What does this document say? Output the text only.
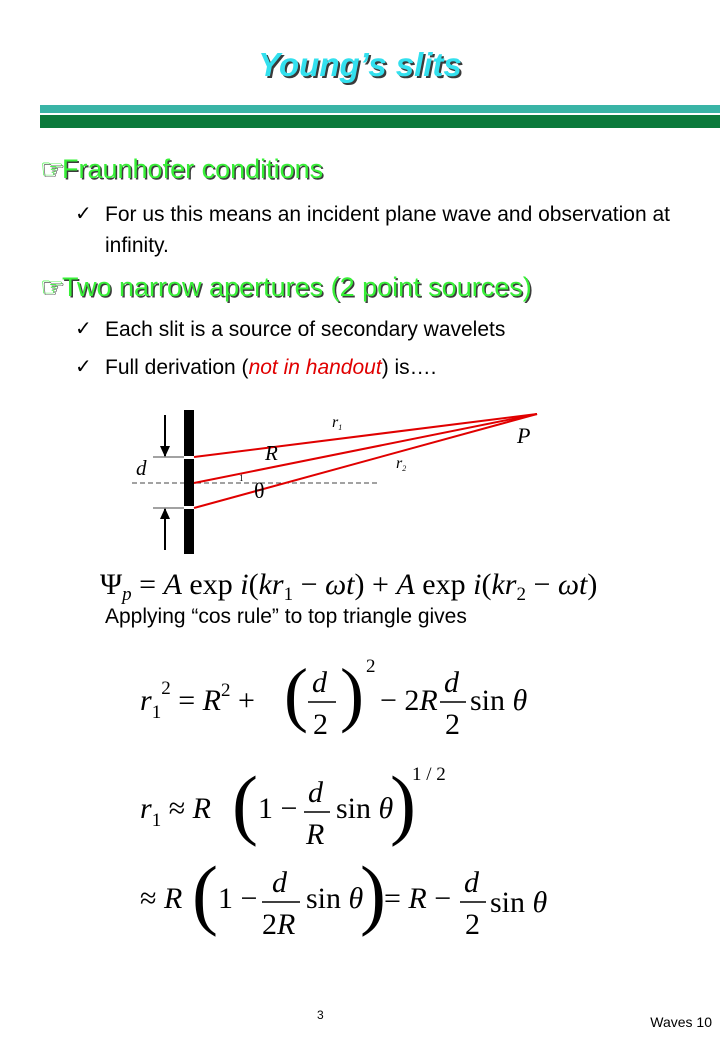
Young’s slits
☞Fraunhofer conditions
✓ For us this means an incident plane wave and observation at infinity.
☞Two narrow apertures (2 point sources)
✓ Each slit is a source of secondary wavelets
✓ Full derivation (not in handout) is….
r1	P
R	r2
d	1 θ
$\Psi_p = A$ $\exp i(kr_1 - \omega t) + A$ $\exp i(kr_2 - \omega t)$
Applying “cos rule” to top triangle gives
$r_1^2 = R^2$ + ( d
2 ) 2
− 2R
d
2
sin θ
$r_1 \approx R$ ( 1 − d
R
sin θ
)
1 / 2
≈ R ( 1 − d
2R
sin θ
)
= R − d
2
sin θ
3	Waves 10
